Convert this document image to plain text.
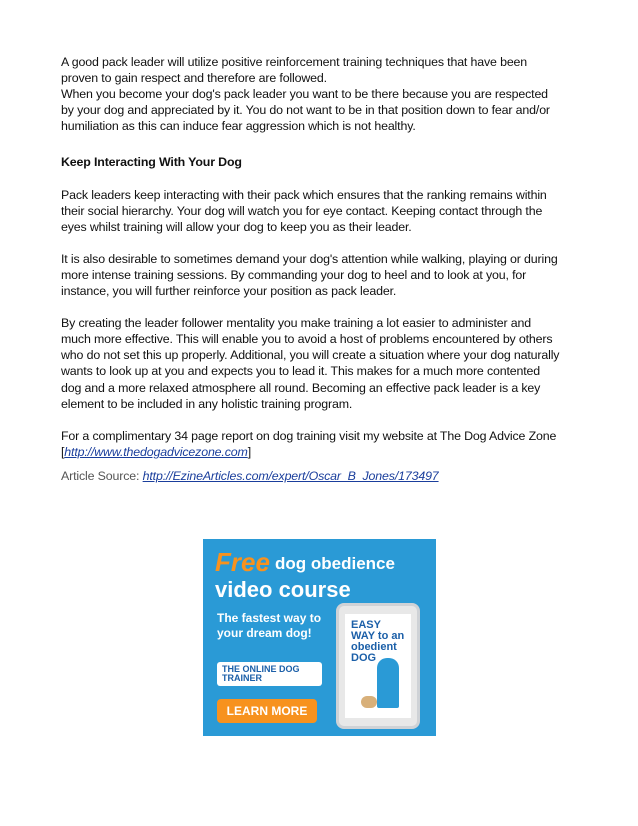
A good pack leader will utilize positive reinforcement training techniques that have been

proven to gain respect and therefore are followed.

When you become your dog's pack leader you want to be there because you are respected

by your dog and appreciated by it. You do not want to be in that position down to fear and/or

humiliation as this can induce fear aggression which is not healthy.

Keep Interacting With Your Dog

Pack leaders keep interacting with their pack which ensures that the ranking remains within

their social hierarchy. Your dog will watch you for eye contact. Keeping contact through the

eyes whilst training will allow your dog to keep you as their leader.

It is also desirable to sometimes demand your dog's attention while walking, playing or during

more intense training sessions. By commanding your dog to heel and to look at you, for

instance, you will further reinforce your position as pack leader.

By creating the leader follower mentality you make training a lot easier to administer and

much more effective. This will enable you to avoid a host of problems encountered by others

who do not set this up properly. Additional, you will create a situation where your dog naturally

wants to look up at you and expects you to lead it. This makes for a much more contented

dog and a more relaxed atmosphere all round. Becoming an effective pack leader is a key

element to be included in any holistic training program.

For a complimentary 34 page report on dog training visit my website at The Dog Advice Zone

[http://www.thedogadvicezone.com]

Article Source: http://EzineArticles.com/expert/Oscar_B_Jones/173497

Free dog obedience
video course
The fastest way to your dream dog!
THE ONLINE DOG TRAINER
LEARN MORE
EASY WAY to an obedient DOG
